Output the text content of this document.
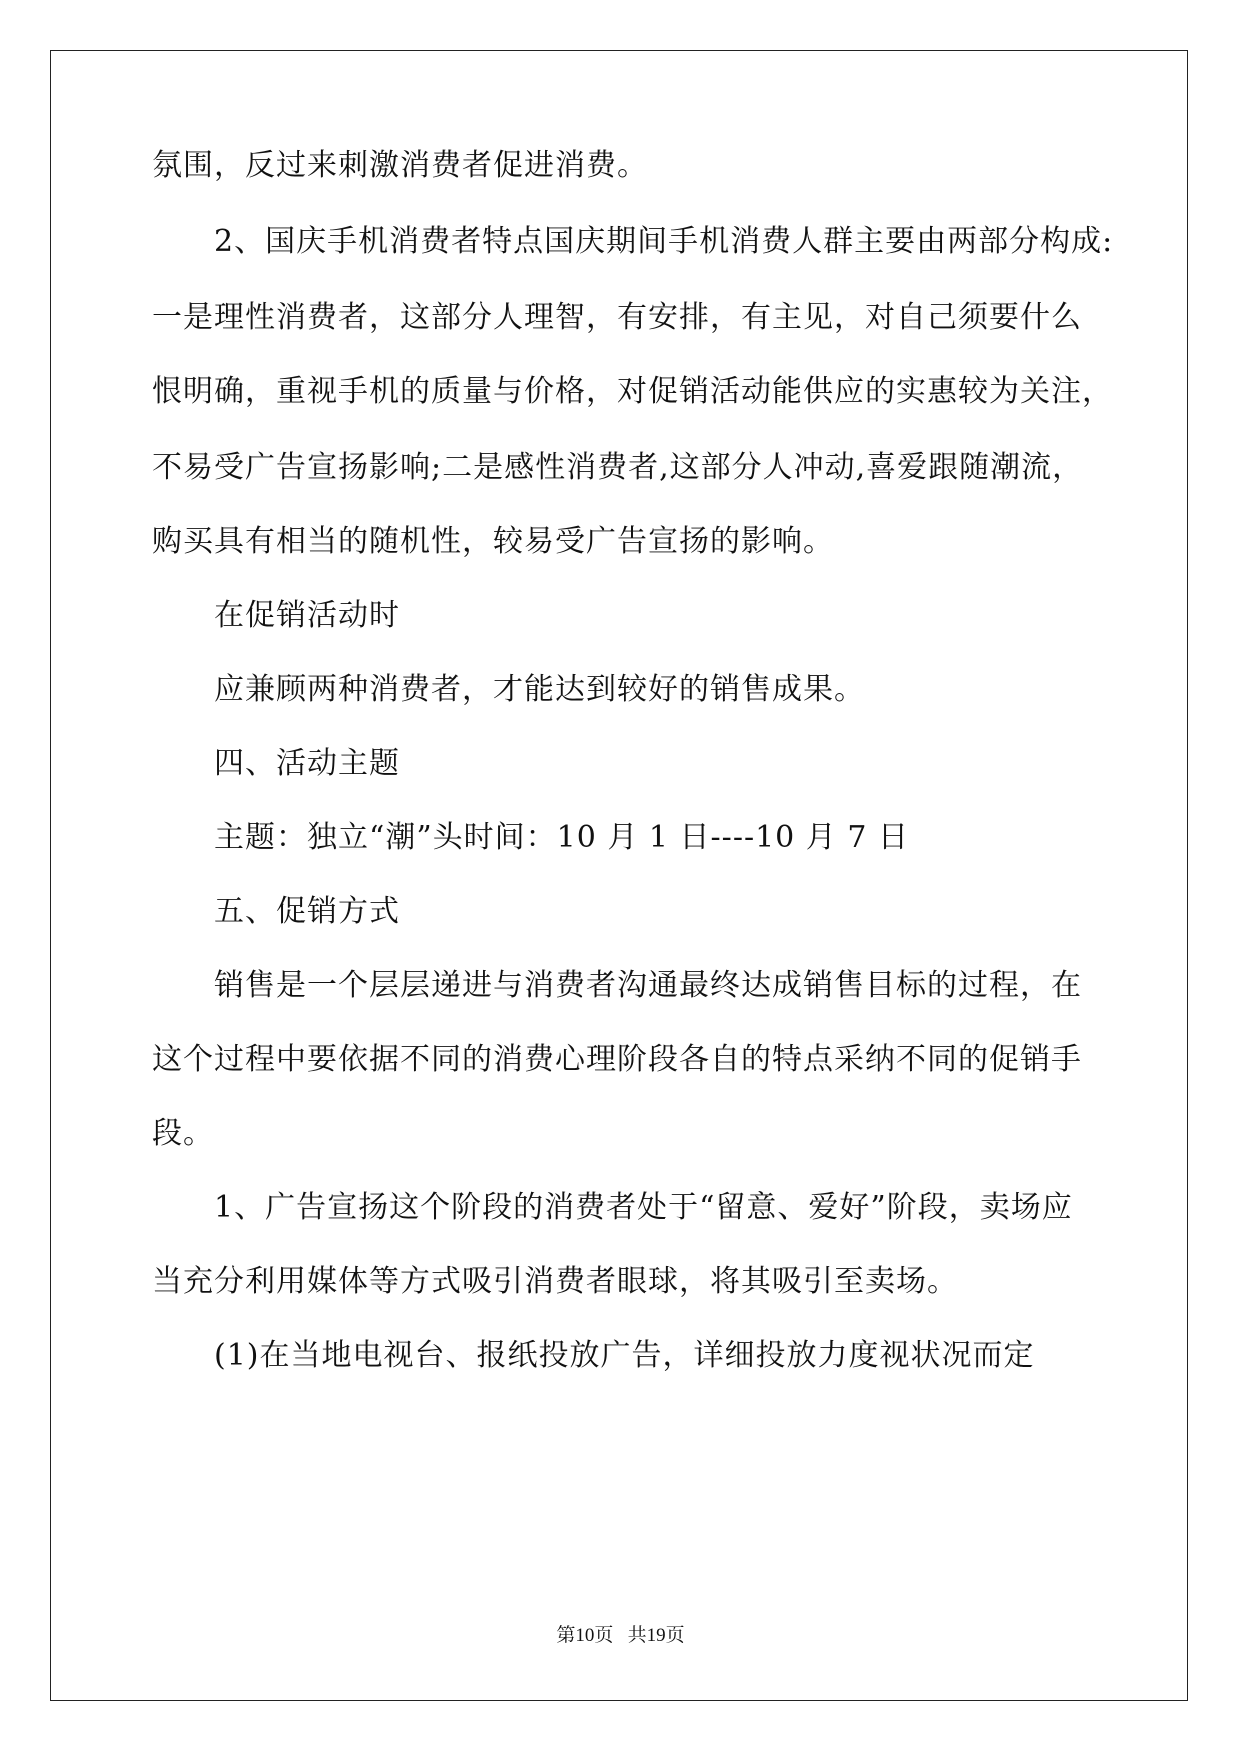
氛围，反过来刺激消费者促进消费。
2、国庆手机消费者特点国庆期间手机消费人群主要由两部分构成:
一是理性消费者，这部分人理智，有安排，有主见，对自己须要什么
恨明确，重视手机的质量与价格，对促销活动能供应的实惠较为关注，
不易受广告宣扬影响;二是感性消费者,这部分人冲动,喜爱跟随潮流，
购买具有相当的随机性，较易受广告宣扬的影响。
在促销活动时
应兼顾两种消费者，才能达到较好的销售成果。
四、活动主题
主题：独立“潮”头时间：10 月 1 日----10 月 7 日
五、促销方式
销售是一个层层递进与消费者沟通最终达成销售目标的过程，在
这个过程中要依据不同的消费心理阶段各自的特点采纳不同的促销手
段。
1、广告宣扬这个阶段的消费者处于“留意、爱好”阶段，卖场应
当充分利用媒体等方式吸引消费者眼球，将其吸引至卖场。
(1)在当地电视台、报纸投放广告，详细投放力度视状况而定
第10页 共19页
